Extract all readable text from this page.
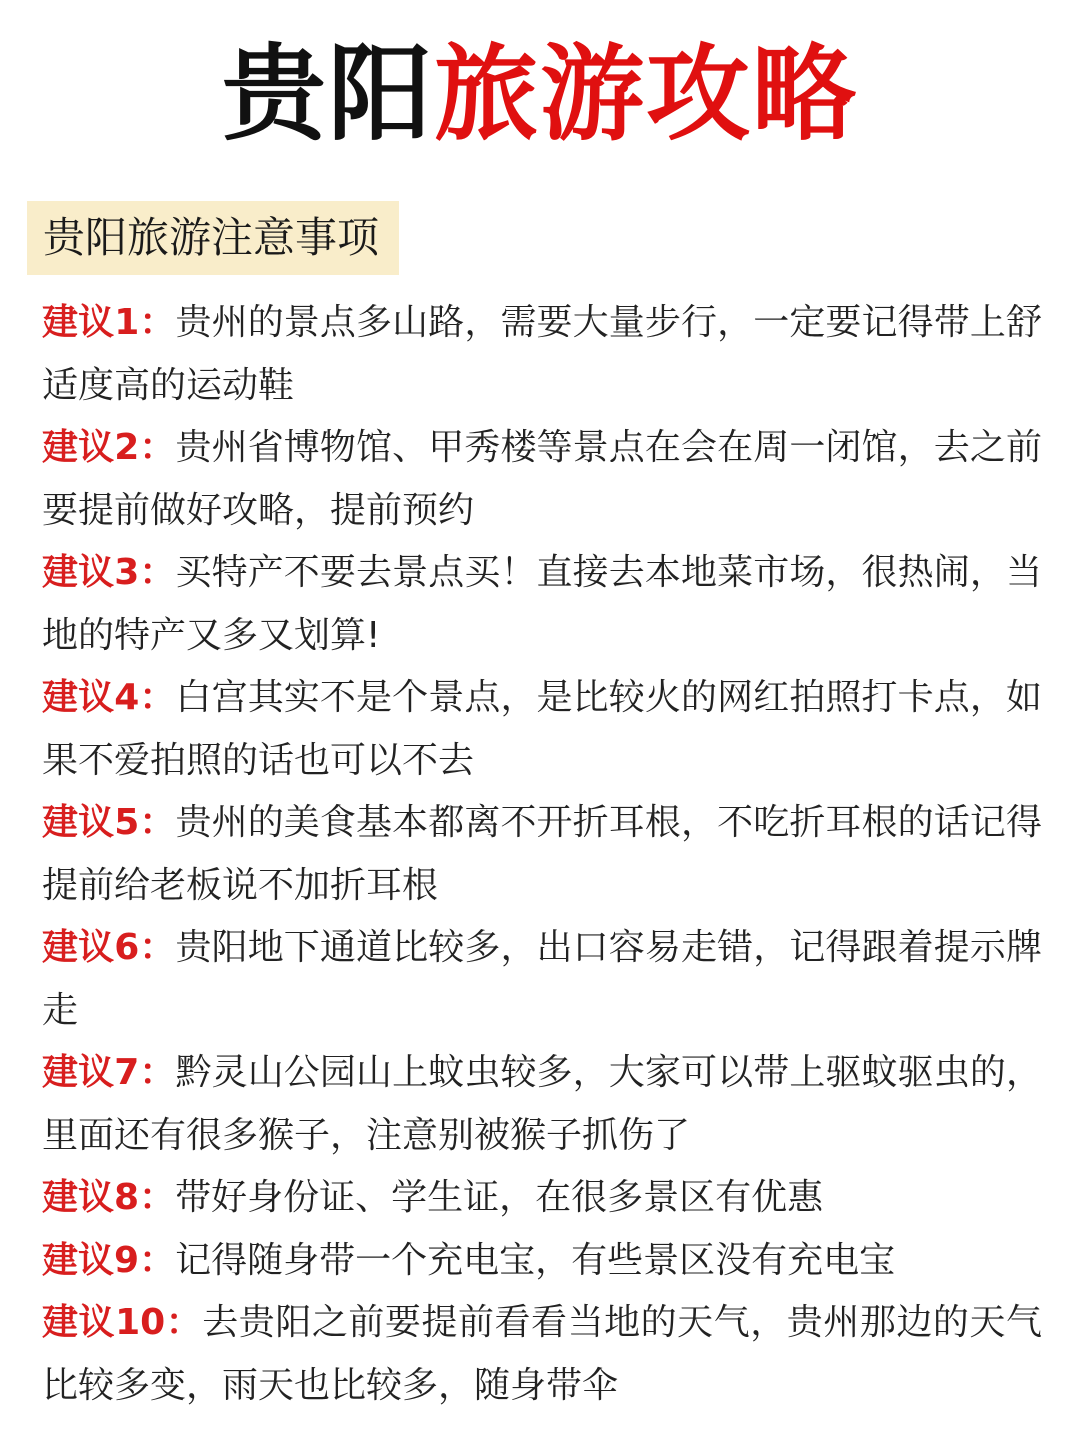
贵阳旅游攻略
贵阳旅游注意事项
建议1：贵州的景点多山路，需要大量步行，一定要记得带上舒适度高的运动鞋
建议2：贵州省博物馆、甲秀楼等景点在会在周一闭馆，去之前要提前做好攻略，提前预约
建议3：买特产不要去景点买！直接去本地菜市场，很热闹，当地的特产又多又划算!
建议4：白宫其实不是个景点，是比较火的网红拍照打卡点，如果不爱拍照的话也可以不去
建议5：贵州的美食基本都离不开折耳根，不吃折耳根的话记得提前给老板说不加折耳根
建议6：贵阳地下通道比较多，出口容易走错，记得跟着提示牌走
建议7：黔灵山公园山上蚊虫较多，大家可以带上驱蚊驱虫的，里面还有很多猴子，注意别被猴子抓伤了
建议8：带好身份证、学生证，在很多景区有优惠
建议9：记得随身带一个充电宝，有些景区没有充电宝
建议10：去贵阳之前要提前看看当地的天气，贵州那边的天气比较多变，雨天也比较多，随身带伞
